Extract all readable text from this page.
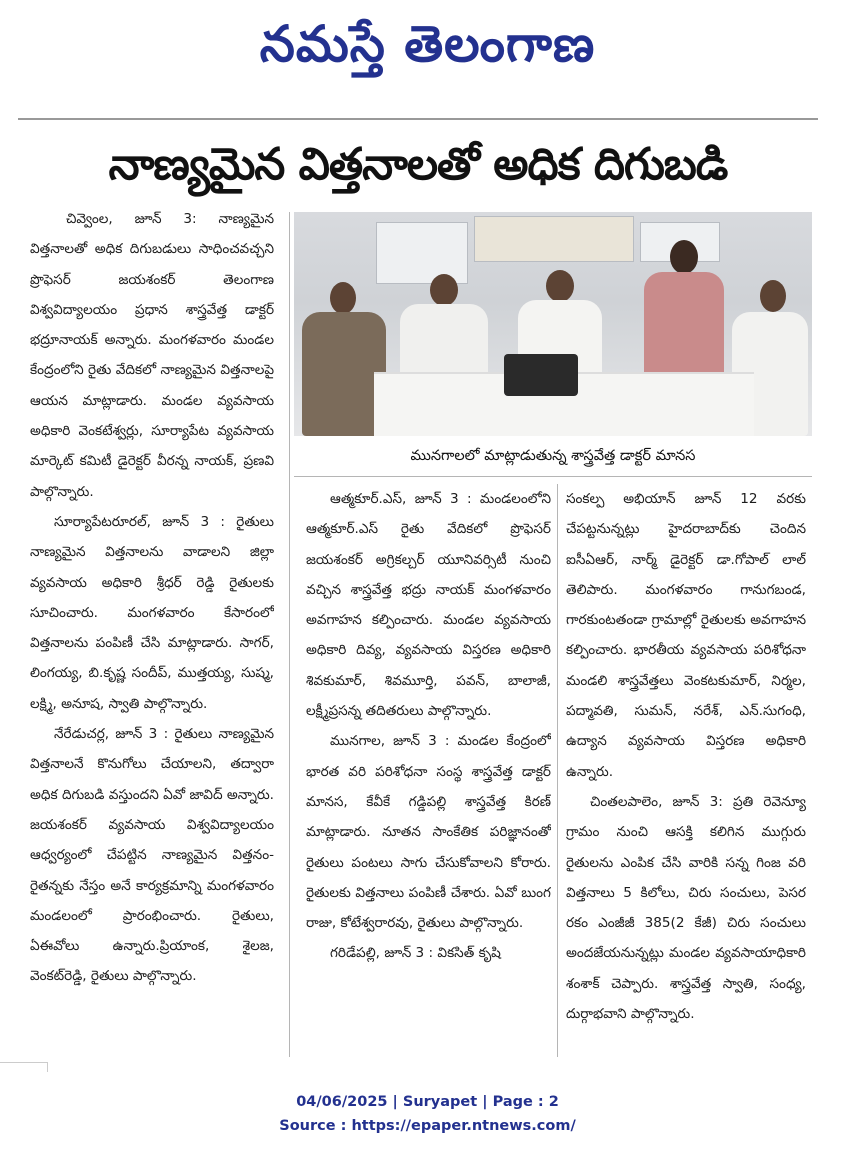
నమస్తే తెలంగాణ
నాణ్యమైన విత్తనాలతో అధిక దిగుబడి
మునగాలలో మాట్లాడుతున్న శాస్త్రవేత్త డాక్టర్ మానస

చివ్వెంల, జూన్ 3: నాణ్యమైన విత్తనాలతో అధిక దిగుబడులు సాధించవచ్చని ప్రొఫెసర్ జయశంకర్ తెలంగాణ విశ్వవిద్యాలయం ప్రధాన శాస్త్రవేత్త డాక్టర్ భద్రూనాయక్ అన్నారు. మంగళవారం మండల కేంద్రంలోని రైతు వేదికలో నాణ్యమైన విత్తనాలపై ఆయన మాట్లాడారు. మండల వ్యవసాయ అధికారి వెంకటేశ్వర్లు, సూర్యాపేట వ్యవసాయ మార్కెట్ కమిటీ డైరెక్టర్ వీరన్న నాయక్, ప్రణవి పాల్గొన్నారు.

సూర్యాపేటరూరల్, జూన్ 3 : రైతులు నాణ్యమైన విత్తనాలను వాడాలని జిల్లా వ్యవసాయ అధికారి శ్రీధర్ రెడ్డి రైతులకు సూచించారు. మంగళవారం కేసారంలో విత్తనాలను పంపిణీ చేసి మాట్లాడారు. సాగర్, లింగయ్య, బి.కృష్ణ సందీప్, ముత్తయ్య, సుష్మ, లక్ష్మి, అనూష, స్వాతి పాల్గొన్నారు.

నేరేడుచర్ల, జూన్ 3 : రైతులు నాణ్యమైన విత్తనాలనే కొనుగోలు చేయాలని, తద్వారా అధిక దిగుబడి వస్తుందని ఏవో జావిద్ అన్నారు. జయశంకర్ వ్యవసాయ విశ్వవిద్యాలయం ఆధ్వర్యంలో చేపట్టిన నాణ్యమైన విత్తనం- రైతన్నకు నేస్తం అనే కార్యక్రమాన్ని మంగళవారం మండలంలో ప్రారంభించారు. రైతులు, ఏఈవోలు ఉన్నారు.ప్రియాంక, శైలజ, వెంకట్‌రెడ్డి, రైతులు పాల్గొన్నారు.

ఆత్మకూర్.ఎస్, జూన్ 3 : మండలంలోని ఆత్మకూర్.ఎస్ రైతు వేదికలో ప్రొఫెసర్ జయశంకర్ అగ్రికల్చర్ యూనివర్సిటీ నుంచి వచ్చిన శాస్త్రవేత్త భద్రు నాయక్ మంగళవారం అవగాహన కల్పించారు. మండల వ్యవసాయ అధికారి దివ్య, వ్యవసాయ విస్తరణ అధికారి శివకుమార్, శివమూర్తి, పవన్, బాలాజీ, లక్ష్మీప్రసన్న తదితరులు పాల్గొన్నారు.

మునగాల, జూన్ 3 : మండల కేంద్రంలో భారత వరి పరిశోధనా సంస్థ శాస్త్రవేత్త డాక్టర్ మానస, కేవీకే గడ్డిపల్లి శాస్త్రవేత్త కిరణ్ మాట్లాడారు. నూతన సాంకేతిక పరిజ్ఞానంతో రైతులు పంటలు సాగు చేసుకోవాలని కోరారు. రైతులకు విత్తనాలు పంపిణీ చేశారు. ఏవో బుంగ రాజు, కోటేశ్వరారవు, రైతులు పాల్గొన్నారు.

గరిడేపల్లి, జూన్ 3 : వికసిత్ కృషి

సంకల్ప అభియాన్ జూన్ 12 వరకు చేపట్టనున్నట్లు హైదరాబాద్‌కు చెందిన ఐసీఏఆర్, నార్మ్ డైరెక్టర్ డా.గోపాల్ లాల్ తెలిపారు. మంగళవారం గానుగబండ, గారకుంటతండా గ్రామాల్లో రైతులకు అవగాహన కల్పించారు. భారతీయ వ్యవసాయ పరిశోధనా మండలి శాస్త్రవేత్తలు వెంకటకుమార్, నిర్మల, పద్మావతి, సుమన్, నరేశ్, ఎన్.సుగంధి, ఉద్యాన వ్యవసాయ విస్తరణ అధికారి ఉన్నారు.

చింతలపాలెం, జూన్ 3: ప్రతి రెవెన్యూ గ్రామం నుంచి ఆసక్తి కలిగిన ముగ్గురు రైతులను ఎంపిక చేసి వారికి సన్న గింజ వరి విత్తనాలు 5 కిలోలు, చిరు సంచులు, పెసర రకం ఎంజీజీ 385(2 కేజీ) చిరు సంచులు అందజేయనున్నట్లు మండల వ్యవసాయాధికారి శంశాక్ చెప్పారు. శాస్త్రవేత్త స్వాతి, సంధ్య, దుర్గాభవాని పాల్గొన్నారు.

04/06/2025 | Suryapet | Page : 2
Source : https://epaper.ntnews.com/
